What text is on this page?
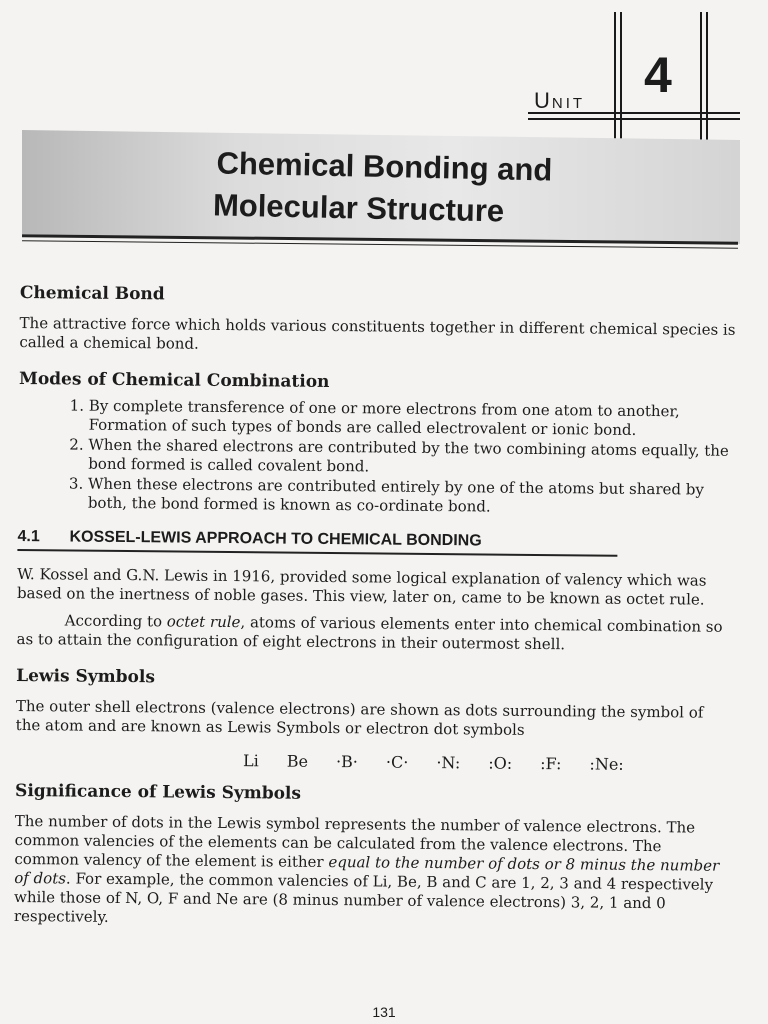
UNIT
4
Chemical Bonding and
Molecular Structure
Chemical Bond

The attractive force which holds various constituents together in different chemical species is called a chemical bond.

Modes of Chemical Combination
1. By complete transference of one or more electrons from one atom to another, Formation of such types of bonds are called electrovalent or ionic bond.
2. When the shared electrons are contributed by the two combining atoms equally, the bond formed is called covalent bond.
3. When these electrons are contributed entirely by one of the atoms but shared by both, the bond formed is known as co-ordinate bond.
4.1	KOSSEL-LEWIS APPROACH TO CHEMICAL BONDING

W. Kossel and G.N. Lewis in 1916, provided some logical explanation of valency which was based on the inertness of noble gases. This view, later on, came to be known as octet rule.

According to octet rule, atoms of various elements enter into chemical combination so as to attain the configuration of eight electrons in their outermost shell.

Lewis Symbols

The outer shell electrons (valence electrons) are shown as dots surrounding the symbol of the atom and are known as Lewis Symbols or electron dot symbols

Li Be ·B· ·C· ·N: :O: :F: :Ne:
Significance of Lewis Symbols

The number of dots in the Lewis symbol represents the number of valence electrons. The common valencies of the elements can be calculated from the valence electrons. The common valency of the element is either equal to the number of dots or 8 minus the number of dots. For example, the common valencies of Li, Be, B and C are 1, 2, 3 and 4 respectively while those of N, O, F and Ne are (8 minus number of valence electrons) 3, 2, 1 and 0 respectively.

131
